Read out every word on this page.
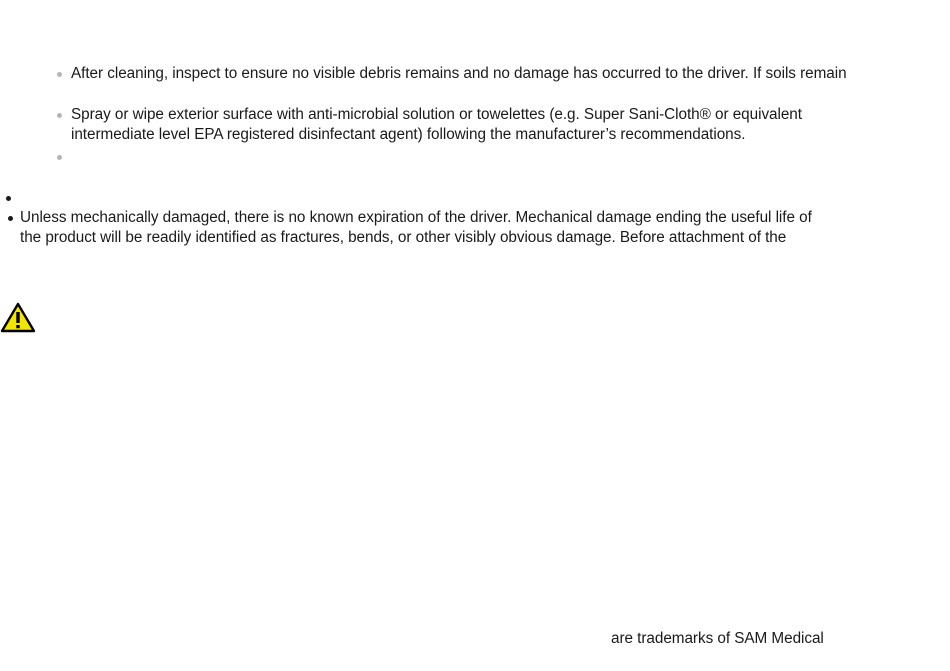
After cleaning, inspect to ensure no visible debris remains and no damage has occurred to the driver. If soils remain
Spray or wipe exterior surface with anti-microbial solution or towelettes (e.g. Super Sani-Cloth® or equivalent
intermediate level EPA registered disinfectant agent) following the manufacturer’s recommendations.
Unless mechanically damaged, there is no known expiration of the driver. Mechanical damage ending the useful life of
the product will be readily identified as fractures, bends, or other visibly obvious damage. Before attachment of the
are trademarks of SAM Medical
